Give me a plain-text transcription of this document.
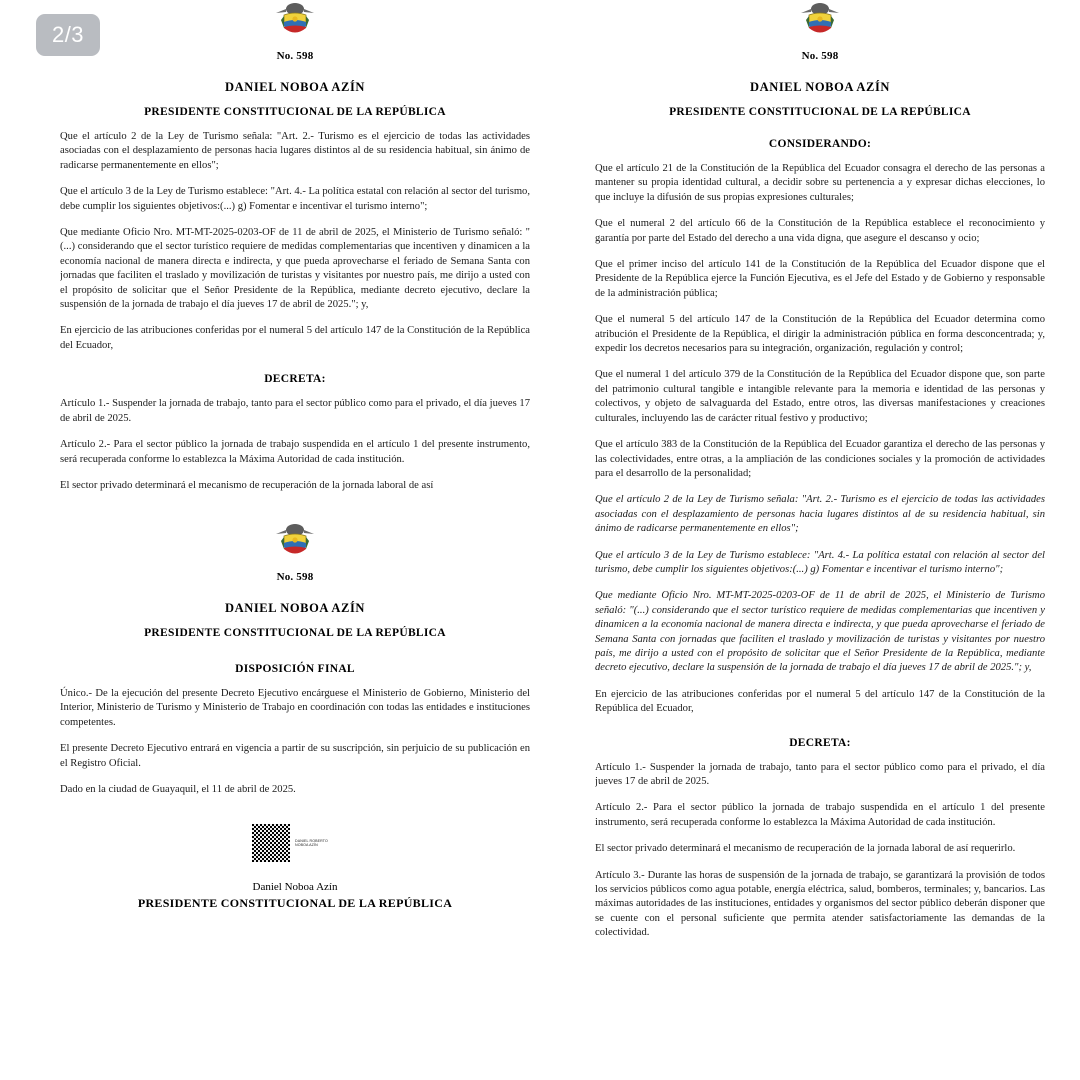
2/3
No. 598
DANIEL NOBOA AZÍN
PRESIDENTE CONSTITUCIONAL DE LA REPÚBLICA

Que el artículo 2 de la Ley de Turismo señala: "Art. 2.- Turismo es el ejercicio de todas las actividades asociadas con el desplazamiento de personas hacia lugares distintos al de su residencia habitual, sin ánimo de radicarse permanentemente en ellos";

Que el artículo 3 de la Ley de Turismo establece: "Art. 4.- La política estatal con relación al sector del turismo, debe cumplir los siguientes objetivos:(...) g) Fomentar e incentivar el turismo interno";

Que mediante Oficio Nro. MT-MT-2025-0203-OF de 11 de abril de 2025, el Ministerio de Turismo señaló: "(...) considerando que el sector turístico requiere de medidas complementarias que incentiven y dinamicen a la economía nacional de manera directa e indirecta, y que pueda aprovecharse el feriado de Semana Santa con jornadas que faciliten el traslado y movilización de turistas y visitantes por nuestro país, me dirijo a usted con el propósito de solicitar que el Señor Presidente de la República, mediante decreto ejecutivo, declare la suspensión de la jornada de trabajo el día jueves 17 de abril de 2025."; y,

En ejercicio de las atribuciones conferidas por el numeral 5 del artículo 147 de la Constitución de la República del Ecuador,

DECRETA:

Artículo 1.- Suspender la jornada de trabajo, tanto para el sector público como para el privado, el día jueves 17 de abril de 2025.

Artículo 2.- Para el sector público la jornada de trabajo suspendida en el artículo 1 del presente instrumento, será recuperada conforme lo establezca la Máxima Autoridad de cada institución.

El sector privado determinará el mecanismo de recuperación de la jornada laboral de así

No. 598
DANIEL NOBOA AZÍN
PRESIDENTE CONSTITUCIONAL DE LA REPÚBLICA
DISPOSICIÓN FINAL

Único.- De la ejecución del presente Decreto Ejecutivo encárguese el Ministerio de Gobierno, Ministerio del Interior, Ministerio de Turismo y Ministerio de Trabajo en coordinación con todas las entidades e instituciones competentes.

El presente Decreto Ejecutivo entrará en vigencia a partir de su suscripción, sin perjuicio de su publicación en el Registro Oficial.

Dado en la ciudad de Guayaquil, el 11 de abril de 2025.

DANIEL ROBERTO NOBOA AZÍN
Daniel Noboa Azín
PRESIDENTE CONSTITUCIONAL DE LA REPÚBLICA
No. 598
DANIEL NOBOA AZÍN
PRESIDENTE CONSTITUCIONAL DE LA REPÚBLICA
CONSIDERANDO:

Que el artículo 21 de la Constitución de la República del Ecuador consagra el derecho de las personas a mantener su propia identidad cultural, a decidir sobre su pertenencia a y expresar dichas elecciones, lo que incluye la difusión de sus propias expresiones culturales;

Que el numeral 2 del artículo 66 de la Constitución de la República establece el reconocimiento y garantía por parte del Estado del derecho a una vida digna, que asegure el descanso y ocio;

Que el primer inciso del artículo 141 de la Constitución de la República del Ecuador dispone que el Presidente de la República ejerce la Función Ejecutiva, es el Jefe del Estado y de Gobierno y responsable de la administración pública;

Que el numeral 5 del artículo 147 de la Constitución de la República del Ecuador determina como atribución el Presidente de la República, el dirigir la administración pública en forma desconcentrada; y, expedir los decretos necesarios para su integración, organización, regulación y control;

Que el numeral 1 del artículo 379 de la Constitución de la República del Ecuador dispone que, son parte del patrimonio cultural tangible e intangible relevante para la memoria e identidad de las personas y colectivos, y objeto de salvaguarda del Estado, entre otros, las diversas manifestaciones y creaciones culturales, incluyendo las de carácter ritual festivo y productivo;

Que el artículo 383 de la Constitución de la República del Ecuador garantiza el derecho de las personas y las colectividades, entre otras, a la ampliación de las condiciones sociales y la promoción de actividades para el desarrollo de la personalidad;

Que el artículo 2 de la Ley de Turismo señala: "Art. 2.- Turismo es el ejercicio de todas las actividades asociadas con el desplazamiento de personas hacia lugares distintos al de su residencia habitual, sin ánimo de radicarse permanentemente en ellos";

Que el artículo 3 de la Ley de Turismo establece: "Art. 4.- La política estatal con relación al sector del turismo, debe cumplir los siguientes objetivos:(...) g) Fomentar e incentivar el turismo interno";

Que mediante Oficio Nro. MT-MT-2025-0203-OF de 11 de abril de 2025, el Ministerio de Turismo señaló: "(...) considerando que el sector turístico requiere de medidas complementarias que incentiven y dinamicen a la economía nacional de manera directa e indirecta, y que pueda aprovecharse el feriado de Semana Santa con jornadas que faciliten el traslado y movilización de turistas y visitantes por nuestro país, me dirijo a usted con el propósito de solicitar que el Señor Presidente de la República, mediante decreto ejecutivo, declare la suspensión de la jornada de trabajo el día jueves 17 de abril de 2025."; y,

En ejercicio de las atribuciones conferidas por el numeral 5 del artículo 147 de la Constitución de la República del Ecuador,

DECRETA:

Artículo 1.- Suspender la jornada de trabajo, tanto para el sector público como para el privado, el día jueves 17 de abril de 2025.

Artículo 2.- Para el sector público la jornada de trabajo suspendida en el artículo 1 del presente instrumento, será recuperada conforme lo establezca la Máxima Autoridad de cada institución.

El sector privado determinará el mecanismo de recuperación de la jornada laboral de así requerirlo.

Artículo 3.- Durante las horas de suspensión de la jornada de trabajo, se garantizará la provisión de todos los servicios públicos como agua potable, energía eléctrica, salud, bomberos, terminales; y, bancarios. Las máximas autoridades de las instituciones, entidades y organismos del sector público deberán disponer que se cuente con el personal suficiente que permita atender satisfactoriamente las demandas de la colectividad.
